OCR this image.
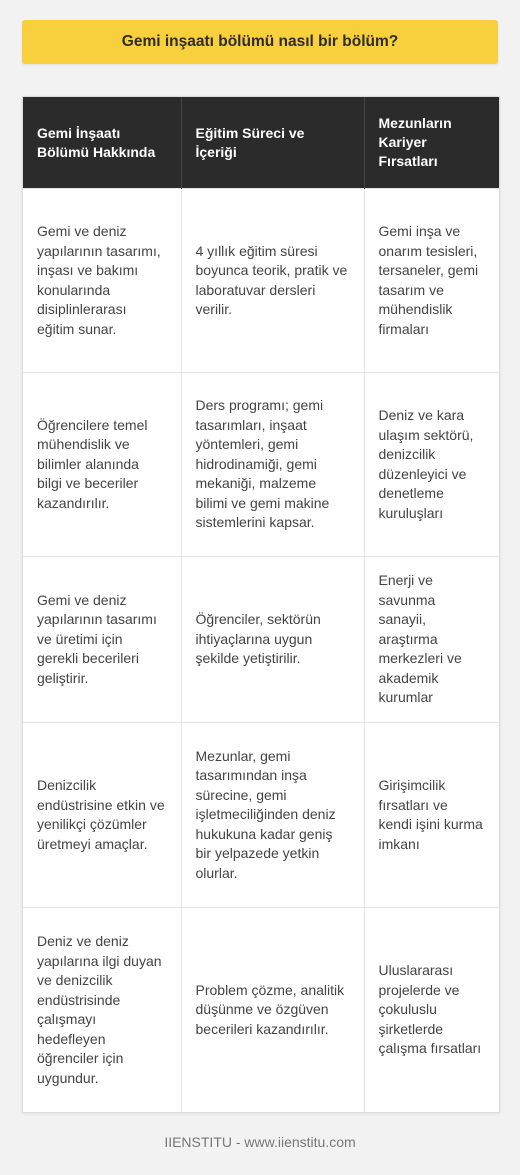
Gemi inşaatı bölümü nasıl bir bölüm?
Gemi İnşaatı Bölümü Hakkında	Eğitim Süreci ve İçeriği	Mezunların Kariyer Fırsatları
Gemi ve deniz yapılarının tasarımı, inşası ve bakımı konularında disiplinlerarası eğitim sunar.	4 yıllık eğitim süresi boyunca teorik, pratik ve laboratuvar dersleri verilir.	Gemi inşa ve onarım tesisleri, tersaneler, gemi tasarım ve mühendislik firmaları
Öğrencilere temel mühendislik ve bilimler alanında bilgi ve beceriler kazandırılır.	Ders programı; gemi tasarımları, inşaat yöntemleri, gemi hidrodinamiği, gemi mekaniği, malzeme bilimi ve gemi makine sistemlerini kapsar.	Deniz ve kara ulaşım sektörü, denizcilik düzenleyici ve denetleme kuruluşları
Gemi ve deniz yapılarının tasarımı ve üretimi için gerekli becerileri geliştirir.	Öğrenciler, sektörün ihtiyaçlarına uygun şekilde yetiştirilir.	Enerji ve savunma sanayii, araştırma merkezleri ve akademik kurumlar
Denizcilik endüstrisine etkin ve yenilikçi çözümler üretmeyi amaçlar.	Mezunlar, gemi tasarımından inşa sürecine, gemi işletmeciliğinden deniz hukukuna kadar geniş bir yelpazede yetkin olurlar.	Girişimcilik fırsatları ve kendi işini kurma imkanı
Deniz ve deniz yapılarına ilgi duyan ve denizcilik endüstrisinde çalışmayı hedefleyen öğrenciler için uygundur.	Problem çözme, analitik düşünme ve özgüven becerileri kazandırılır.	Uluslararası projelerde ve çokuluslu şirketlerde çalışma fırsatları
IIENSTITU - www.iienstitu.com
